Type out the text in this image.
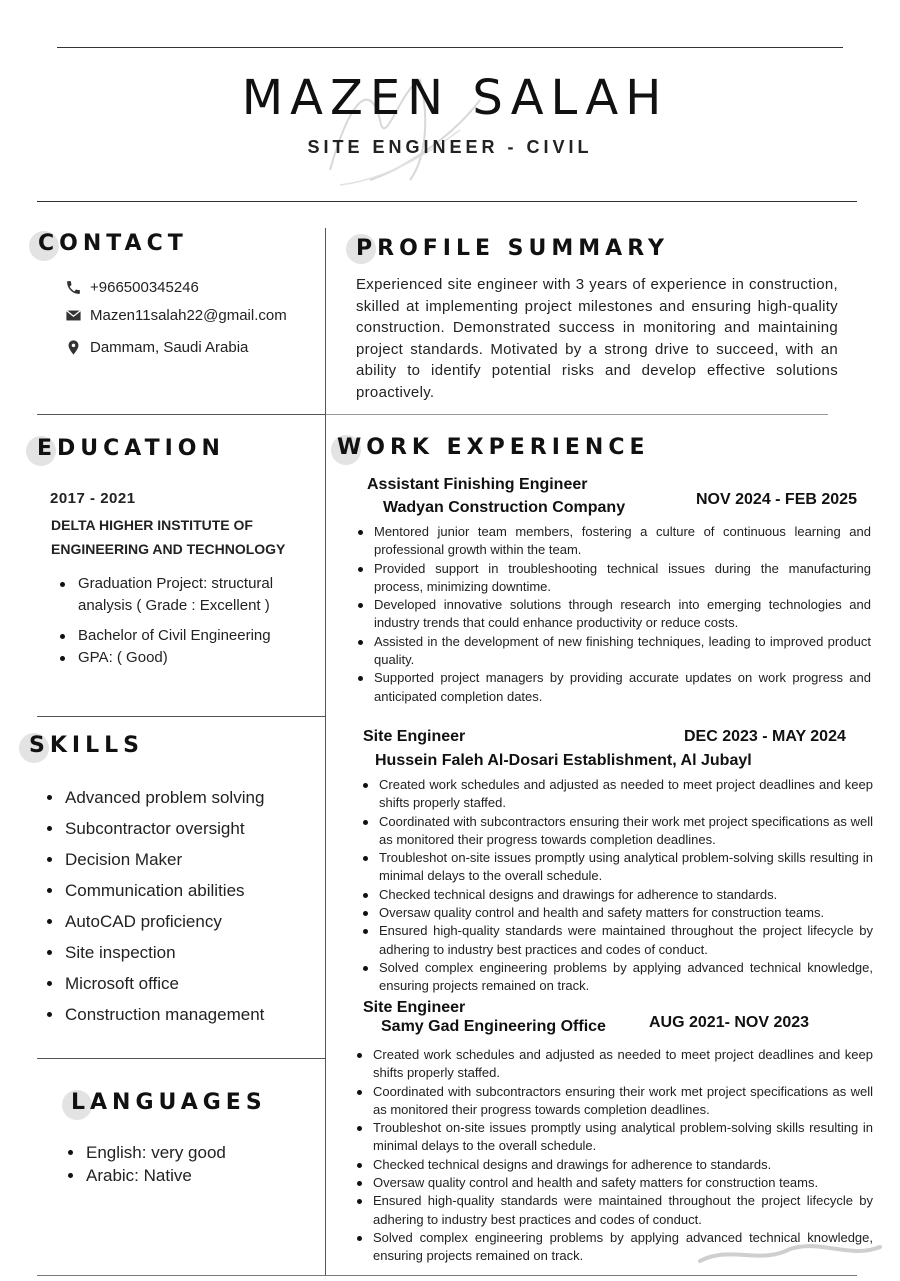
MAZEN SALAH
SITE ENGINEER - CIVIL
CONTACT
+966500345246
Mazen11salah22@gmail.com
Dammam, Saudi Arabia
PROFILE SUMMARY
Experienced site engineer with 3 years of experience in construction, skilled at implementing project milestones and ensuring high-quality construction. Demonstrated success in monitoring and maintaining project standards. Motivated by a strong drive to succeed, with an ability to identify potential risks and develop effective solutions proactively.
EDUCATION
2017 - 2021
DELTA HIGHER INSTITUTE OF
ENGINEERING AND TECHNOLOGY
Graduation Project: structural analysis ( Grade : Excellent )
Bachelor of Civil Engineering
GPA: ( Good)
SKILLS
Advanced problem solving
Subcontractor oversight
Decision Maker
Communication abilities
AutoCAD proficiency
Site inspection
Microsoft office
Construction management
LANGUAGES
English: very good
Arabic: Native
WORK EXPERIENCE
Assistant Finishing Engineer
Wadyan Construction Company	NOV 2024 - FEB 2025
Mentored junior team members, fostering a culture of continuous learning and professional growth within the team.
Provided support in troubleshooting technical issues during the manufacturing process, minimizing downtime.
Developed innovative solutions through research into emerging technologies and industry trends that could enhance productivity or reduce costs.
Assisted in the development of new finishing techniques, leading to improved product quality.
Supported project managers by providing accurate updates on work progress and anticipated completion dates.
Site Engineer
Hussein Faleh Al-Dosari Establishment, Al Jubayl
DEC 2023 - MAY 2024
Created work schedules and adjusted as needed to meet project deadlines and keep shifts properly staffed.
Coordinated with subcontractors ensuring their work met project specifications as well as monitored their progress towards completion deadlines.
Troubleshot on-site issues promptly using analytical problem-solving skills resulting in minimal delays to the overall schedule.
Checked technical designs and drawings for adherence to standards.
Oversaw quality control and health and safety matters for construction teams.
Ensured high-quality standards were maintained throughout the project lifecycle by adhering to industry best practices and codes of conduct.
Solved complex engineering problems by applying advanced technical knowledge, ensuring projects remained on track.
Site Engineer
Samy Gad Engineering Office	AUG 2021- NOV 2023
Created work schedules and adjusted as needed to meet project deadlines and keep shifts properly staffed.
Coordinated with subcontractors ensuring their work met project specifications as well as monitored their progress towards completion deadlines.
Troubleshot on-site issues promptly using analytical problem-solving skills resulting in minimal delays to the overall schedule.
Checked technical designs and drawings for adherence to standards.
Oversaw quality control and health and safety matters for construction teams.
Ensured high-quality standards were maintained throughout the project lifecycle by adhering to industry best practices and codes of conduct.
Solved complex engineering problems by applying advanced technical knowledge, ensuring projects remained on track.
